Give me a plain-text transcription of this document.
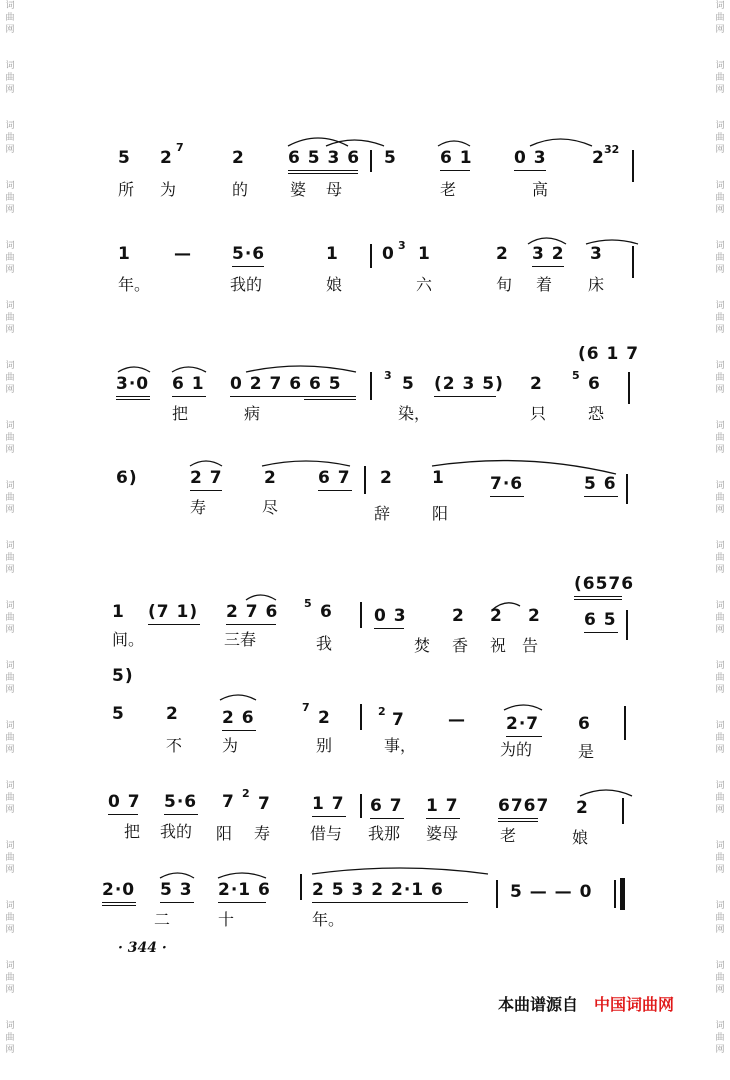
词
曲
网
词
曲
网
词
曲
网
词
曲
网
词
曲
网
词
曲
网
词
曲
网
词
曲
网
词
曲
网
词
曲
网
词
曲
网
词
曲
网
词
曲
网
词
曲
网
词
曲
网
词
曲
网
词
曲
网
词
曲
网
词
曲
网
词
曲
网
词
曲
网
词
曲
网
词
曲
网
词
曲
网
词
曲
网
词
曲
网
词
曲
网
词
曲
网
词
曲
网
词
曲
网
词
曲
网
词
曲
网
词
曲
网
词
曲
网
词
曲
网
词
曲
网
5 2
7
2	6 5 3 6 5	6 1 0 3	2 32
所 为	的	婆 母	老	高
1	— 5·6	1	0 3 1	2 3 2 3
年。	我的	娘	六	旬 着 床
3·0 6 1 0 2 7 6 6 5	3 5 (2 3 5) 2	5 6
(6 1 7
把	病	染，	只	恐
6)	2 7 2 6 7 2 1	7·6	5 6
寿	尽	辞	阳
1 (7 1) 2 7 6 5 6 0 3	2 2 2	6 5
(6576
间。	三春	我	焚 香 祝 告
5)
5 2	2 6
7
2	2 7	— 2·7 6
不 为	别	事，	为的	是
0 7 5·6 7 2
7 1 7 6 7 1 7 6767 2
把 我的 阳 寿 借与 我那 婆母	老	娘
2·0 5 3 2·1 6 2 5 3 2 2·1 6	5 — — 0
二	十	年。
· 344 ·
本曲谱源自 中国词曲网
